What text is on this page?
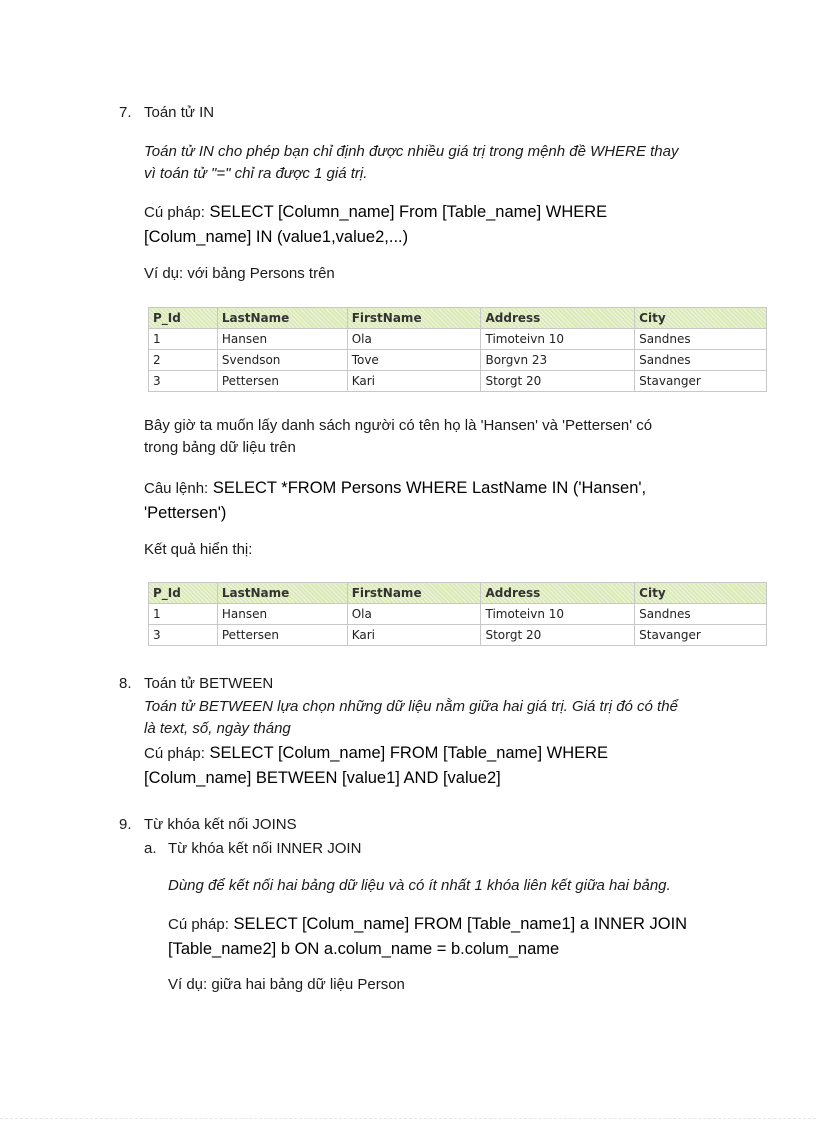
7. Toán tử IN
Toán tử IN cho phép bạn chỉ định được nhiều giá trị trong mệnh đề WHERE thay
vì toán tử "=" chỉ ra được 1 giá trị.
Cú pháp: SELECT [Column_name] From [Table_name] WHERE
[Colum_name] IN (value1,value2,...)
Ví dụ: với bảng Persons trên
P_Id	LastName	FirstName	Address	City
1	Hansen	Ola	Timoteivn 10	Sandnes
2	Svendson	Tove	Borgvn 23	Sandnes
3	Pettersen	Kari	Storgt 20	Stavanger
Bây giờ ta muốn lấy danh sách người có tên họ là 'Hansen' và 'Pettersen' có
trong bảng dữ liệu trên
Câu lệnh: SELECT *FROM Persons WHERE LastName IN ('Hansen',
'Pettersen')
Kết quả hiển thị:
P_Id	LastName	FirstName	Address	City
1	Hansen	Ola	Timoteivn 10	Sandnes
3	Pettersen	Kari	Storgt 20	Stavanger
8. Toán tử BETWEEN
Toán tử BETWEEN lựa chọn những dữ liệu nằm giữa hai giá trị. Giá trị đó có thể
là text, số, ngày tháng
Cú pháp: SELECT [Colum_name] FROM [Table_name] WHERE
[Colum_name] BETWEEN [value1] AND [value2]
9. Từ khóa kết nối JOINS
a. Từ khóa kết nối INNER JOIN
Dùng để kết nối hai bảng dữ liệu và có ít nhất 1 khóa liên kết giữa hai bảng.
Cú pháp: SELECT [Colum_name] FROM [Table_name1] a INNER JOIN
[Table_name2] b ON a.colum_name = b.colum_name
Ví dụ: giữa hai bảng dữ liệu Person
